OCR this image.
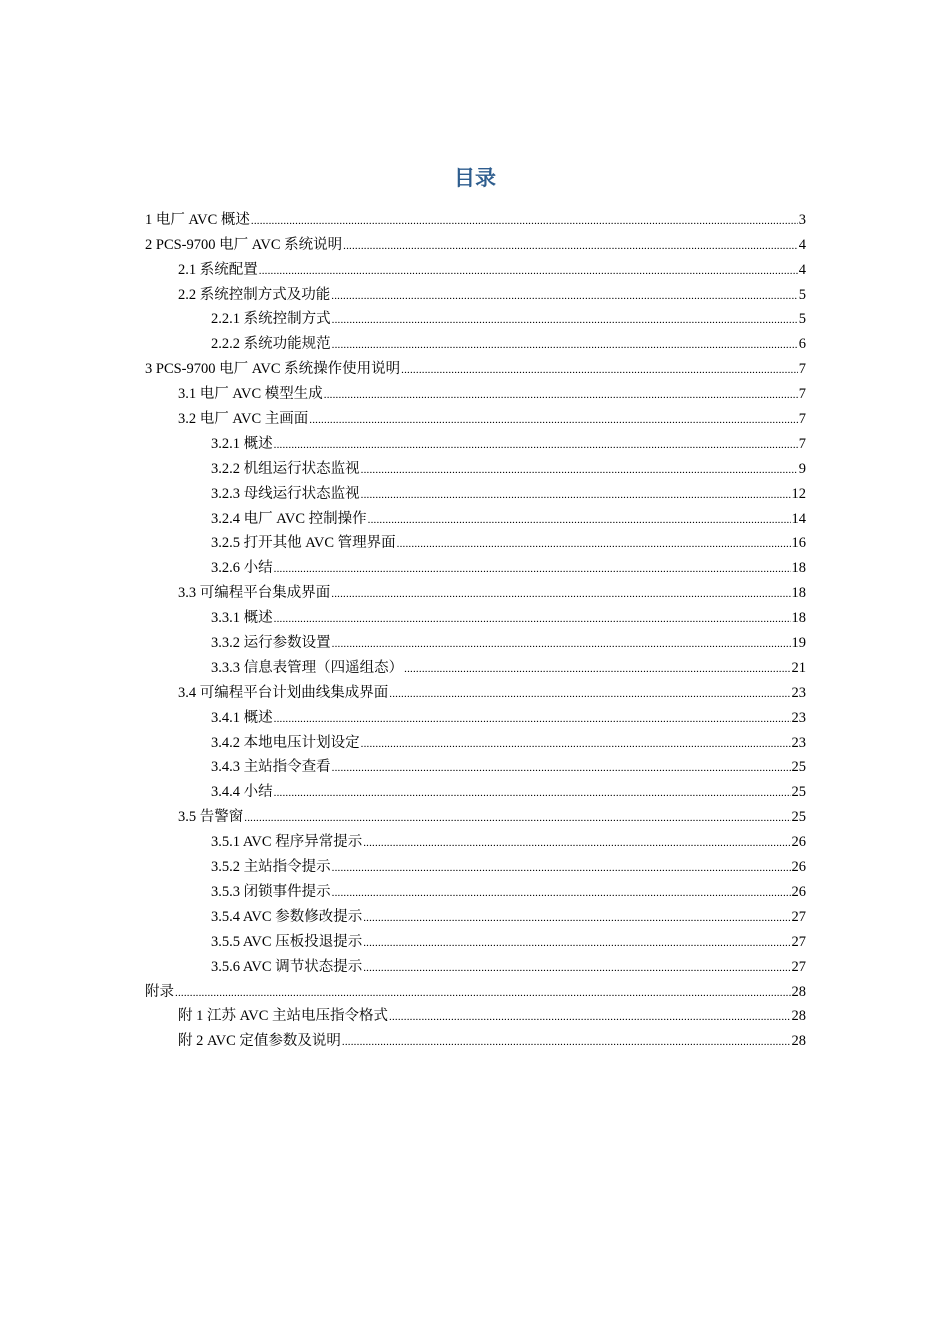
目录
1 电厂 AVC 概述 .....	3
2 PCS-9700 电厂 AVC 系统说明 .....	4
2.1 系统配置 .....	4
2.2 系统控制方式及功能 .....	5
2.2.1 系统控制方式 .....	5
2.2.2 系统功能规范 .....	6
3 PCS-9700 电厂 AVC 系统操作使用说明 .....	7
3.1 电厂 AVC 模型生成 .....	7
3.2 电厂 AVC 主画面 .....	7
3.2.1 概述 .....	7
3.2.2 机组运行状态监视 .....	9
3.2.3 母线运行状态监视 .....	12
3.2.4 电厂 AVC 控制操作 .....	14
3.2.5 打开其他 AVC 管理界面 .....	16
3.2.6 小结 .....	18
3.3 可编程平台集成界面 .....	18
3.3.1 概述 .....	18
3.3.2 运行参数设置 .....	19
3.3.3 信息表管理（四遥组态） .....	21
3.4 可编程平台计划曲线集成界面 .....	23
3.4.1 概述 .....	23
3.4.2 本地电压计划设定 .....	23
3.4.3 主站指令查看 .....	25
3.4.4 小结 .....	25
3.5 告警窗 .....	25
3.5.1 AVC 程序异常提示 .....	26
3.5.2 主站指令提示 .....	26
3.5.3 闭锁事件提示 .....	26
3.5.4 AVC 参数修改提示 .....	27
3.5.5 AVC 压板投退提示 .....	27
3.5.6 AVC 调节状态提示 .....	27
附录 .....	28
附 1 江苏 AVC 主站电压指令格式 .....	28
附 2 AVC 定值参数及说明 .....	28
